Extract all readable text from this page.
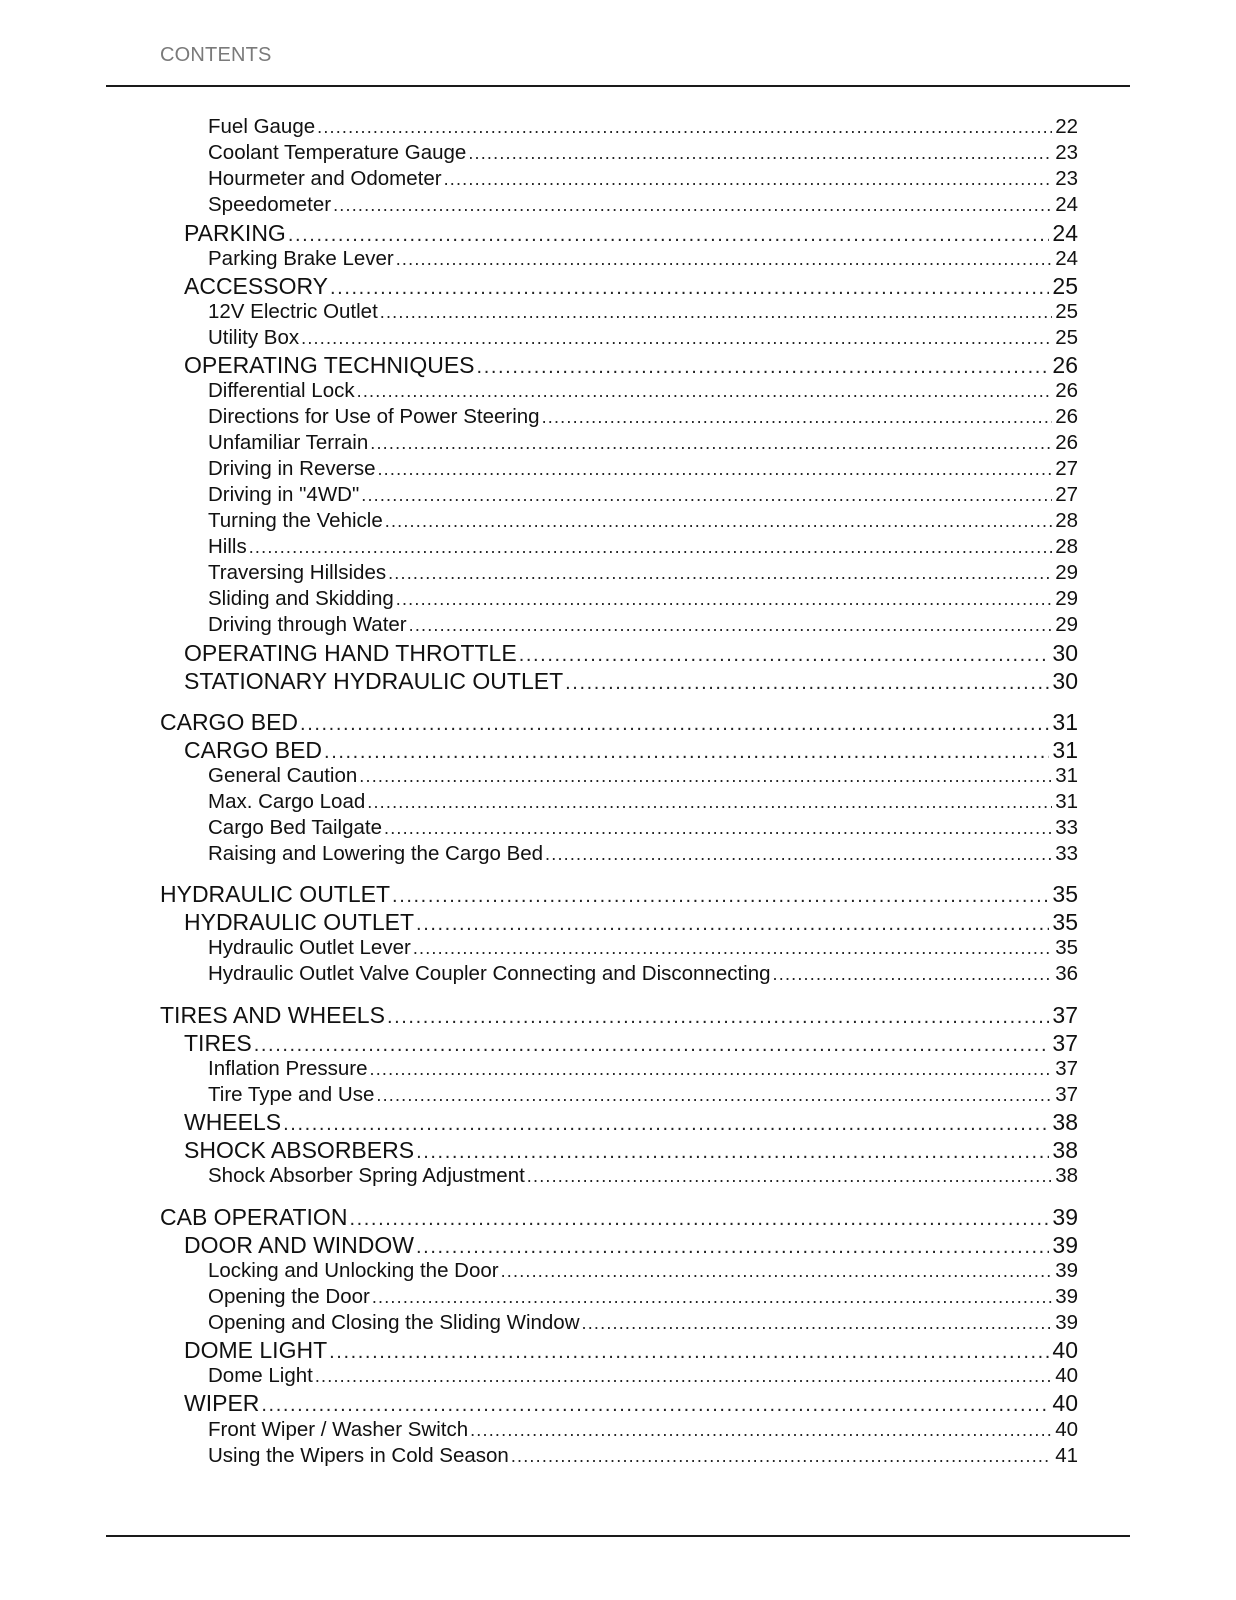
CONTENTS
Fuel Gauge .....	22
Coolant Temperature Gauge .....	23
Hourmeter and Odometer .....	23
Speedometer .....	24
PARKING .....	24
Parking Brake Lever .....	24
ACCESSORY .....	25
12V Electric Outlet .....	25
Utility Box .....	25
OPERATING TECHNIQUES .....	26
Differential Lock .....	26
Directions for Use of Power Steering .....	26
Unfamiliar Terrain .....	26
Driving in Reverse .....	27
Driving in "4WD" .....	27
Turning the Vehicle .....	28
Hills .....	28
Traversing Hillsides .....	29
Sliding and Skidding .....	29
Driving through Water .....	29
OPERATING HAND THROTTLE .....	30
STATIONARY HYDRAULIC OUTLET .....	30
CARGO BED .....	31
CARGO BED .....	31
General Caution .....	31
Max. Cargo Load .....	31
Cargo Bed Tailgate .....	33
Raising and Lowering the Cargo Bed .....	33
HYDRAULIC OUTLET .....	35
HYDRAULIC OUTLET .....	35
Hydraulic Outlet Lever .....	35
Hydraulic Outlet Valve Coupler Connecting and Disconnecting .....	36
TIRES AND WHEELS .....	37
TIRES .....	37
Inflation Pressure .....	37
Tire Type and Use .....	37
WHEELS .....	38
SHOCK ABSORBERS .....	38
Shock Absorber Spring Adjustment .....	38
CAB OPERATION .....	39
DOOR AND WINDOW .....	39
Locking and Unlocking the Door .....	39
Opening the Door .....	39
Opening and Closing the Sliding Window .....	39
DOME LIGHT .....	40
Dome Light .....	40
WIPER .....	40
Front Wiper / Washer Switch .....	40
Using the Wipers in Cold Season .....	41
